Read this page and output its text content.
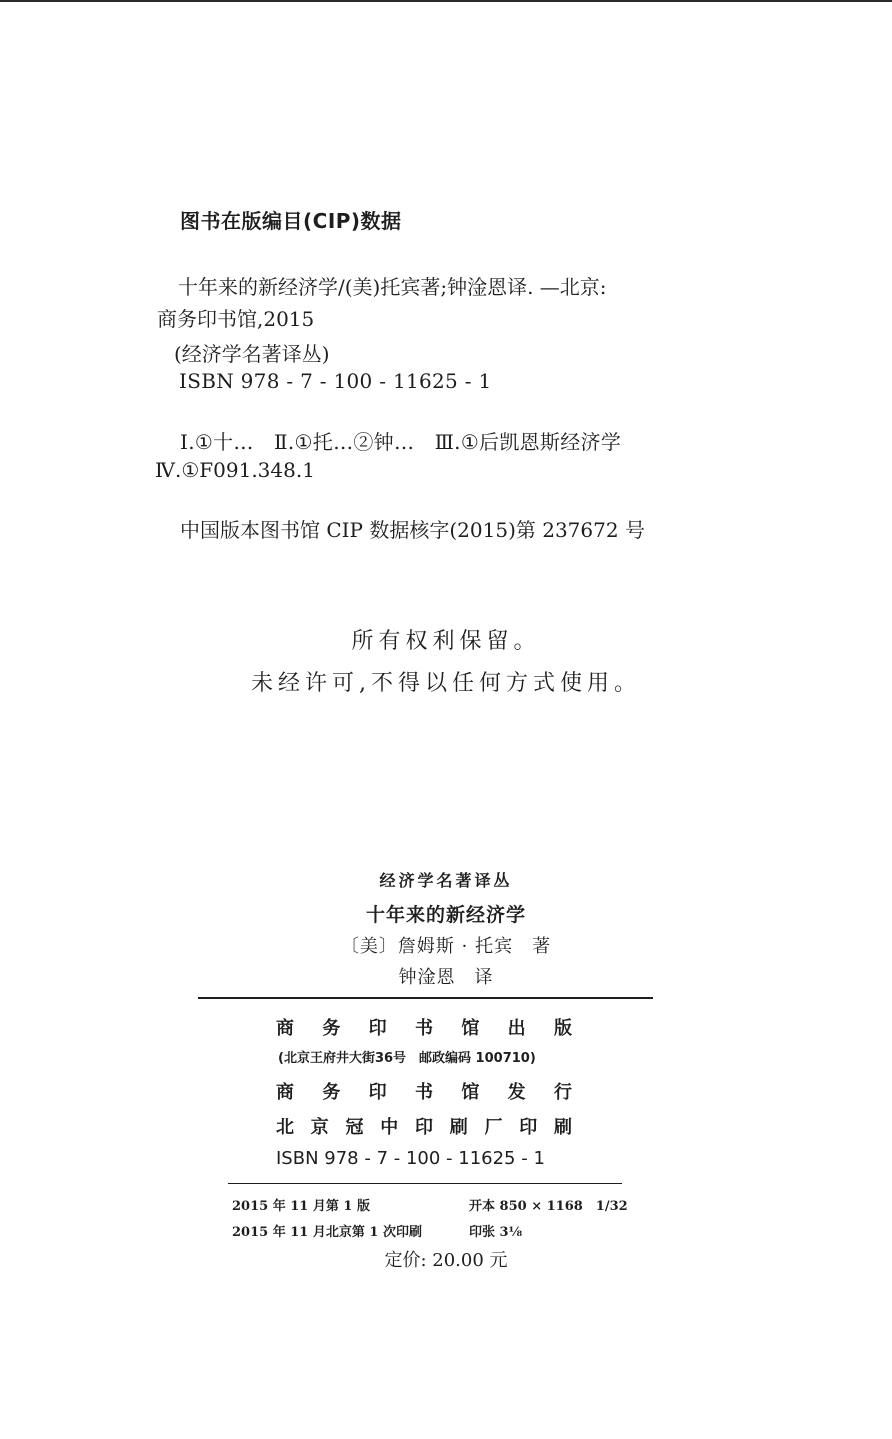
图书在版编目(CIP)数据
十年来的新经济学/(美)托宾著;钟淦恩译. —北京:
商务印书馆,2015
(经济学名著译丛)
ISBN 978 - 7 - 100 - 11625 - 1
Ⅰ.①十…　Ⅱ.①托…②钟…　Ⅲ.①后凯恩斯经济学
Ⅳ.①F091.348.1
中国版本图书馆 CIP 数据核字(2015)第 237672 号
所有权利保留。
未经许可,不得以任何方式使用。
经济学名著译丛
十年来的新经济学
〔美〕詹姆斯 · 托宾　著
钟淦恩　译
商 务 印 书 馆 出 版
(北京王府井大街36号　邮政编码 100710)
商 务 印 书 馆 发 行
北 京 冠 中 印 刷 厂 印 刷
ISBN 978 - 7 - 100 - 11625 - 1
2015 年 11 月第 1 版
2015 年 11 月北京第 1 次印刷
开本 850 × 1168　1/32
印张 3⅛
定价: 20.00 元
